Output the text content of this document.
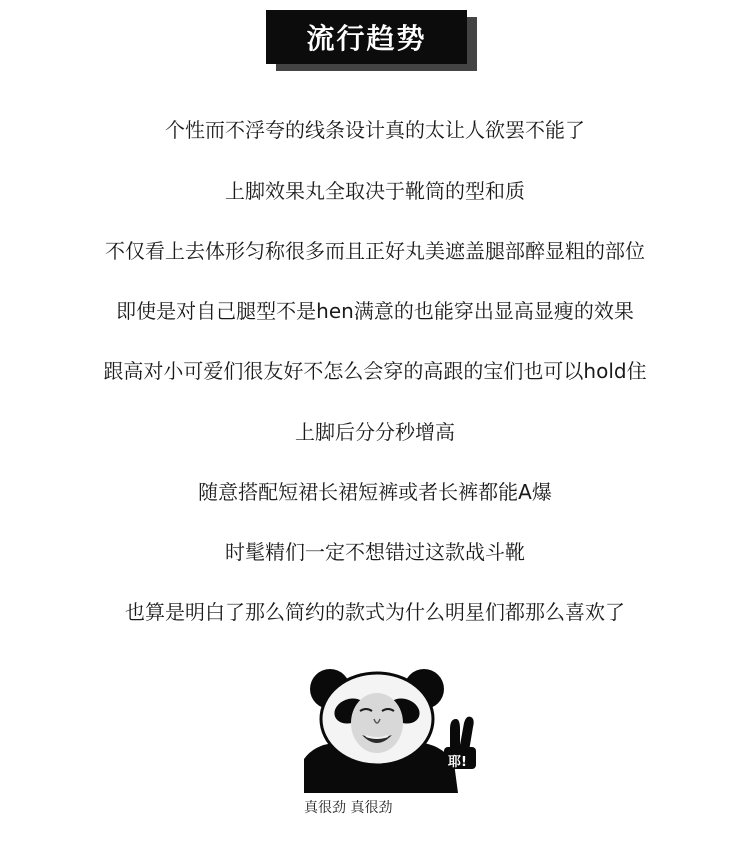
流行趋势
个性而不浮夸的线条设计真的太让人欲罢不能了
上脚效果丸全取决于靴筒的型和质
不仅看上去体形匀称很多而且正好丸美遮盖腿部醉显粗的部位
即使是对自己腿型不是hen满意的也能穿出显高显瘦的效果
跟高对小可爱们很友好不怎么会穿的高跟的宝们也可以hold住
上脚后分分秒增高
随意搭配短裙长裙短裤或者长裤都能A爆
时髦精们一定不想错过这款战斗靴
也算是明白了那么简约的款式为什么明星们都那么喜欢了
耶!
真很劲 真很劲
